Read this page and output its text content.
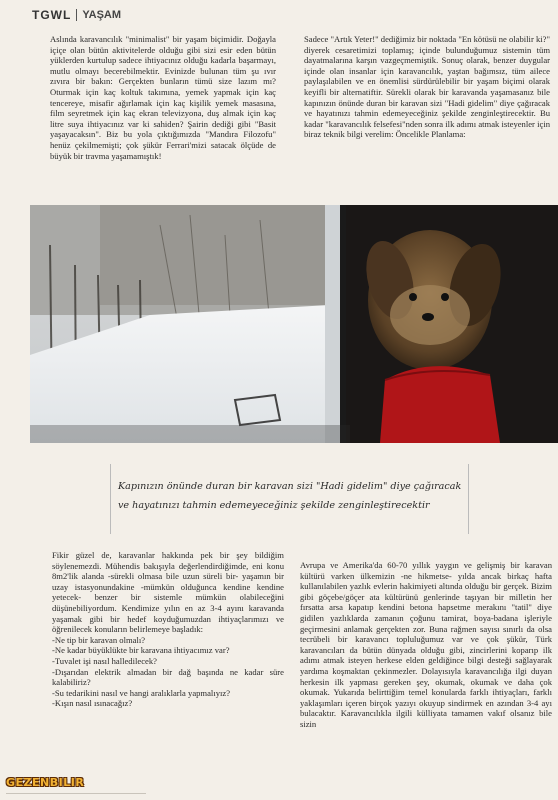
TGWL YAŞAM

Aslında karavancılık "minimalist" bir yaşam biçimidir. Doğayla içiçe olan bütün aktivitelerde olduğu gibi sizi esir eden bütün yüklerden kurtulup sadece ihtiyacınız olduğu kadarla başarmayı, mutlu olmayı becerebilmektir. Evinizde bulunan tüm şu ıvır zıvıra bir bakın: Gerçekten bunların tümü size lazım mı? Oturmak için kaç koltuk takımına, yemek yapmak için kaç tencereye, misafir ağırlamak için kaç kişilik yemek masasına, film seyretmek için kaç ekran televizyona, duş almak için kaç litre suya ihtiyacınız var ki sahiden? Şairin dediği gibi "Basit yaşayacaksın". Biz bu yola çıktığımızda "Mandıra Filozofu" henüz çekilmemişti; çok şükür Ferrari'mizi satacak ölçüde de büyük bir travma yaşamamıştık!

Sadece "Artık Yeter!" dediğimiz bir noktada "En kötüsü ne olabilir ki?" diyerek cesaretimizi toplamış; içinde bulunduğumuz sistemin tüm dayatmalarına karşın vazgeçmemiştik. Sonuç olarak, benzer duygular içinde olan insanlar için karavancılık, yaştan bağımsız, tüm ailece paylaşılabilen ve en önemlisi sürdürülebilir bir yaşam biçimi olarak keyifli bir alternatiftir. Sürekli olarak bir karavanda yaşamasanız bile kapınızın önünde duran bir karavan sizi "Hadi gidelim" diye çağıracak ve hayatınızı tahmin edemeyeceğiniz şekilde zenginleştirecektir. Bu kadar "karavancılık felsefesi"nden sonra ilk adımı atmak isteyenler için biraz teknik bilgi verelim: Öncelikle Planlama:

Kapınızın önünde duran bir karavan sizi "Hadi gidelim" diye çağıracak ve hayatınızı tahmin edemeyeceğiniz şekilde zenginleştirecektir

Fikir güzel de, karavanlar hakkında pek bir şey bildiğim söylenemezdi. Mühendis bakışıyla değerlendirdiğimde, eni konu 8m2'lik alanda -sürekli olmasa bile uzun süreli bir- yaşamın bir uzay istasyonundakine -mümkün olduğunca kendine kendine yetecek- benzer bir sistemle mümkün olabileceğini düşünebiliyordum. Kendimize yılın en az 3-4 ayını karavanda yaşamak gibi bir hedef koyduğumuzdan ihtiyaçlarımızı ve öğrenilecek konuların belirlemeye başladık:

-Ne tip bir karavan olmalı?

-Ne kadar büyüklükte bir karavana ihtiyacımız var?

-Tuvalet işi nasıl halledilecek?

-Dışarıdan elektrik almadan bir dağ başında ne kadar süre kalabiliriz?

-Su tedarikini nasıl ve hangi aralıklarla yapmalıyız?

-Kışın nasıl ısınacağız?

Avrupa ve Amerika'da 60-70 yıllık yaygın ve gelişmiş bir karavan kültürü varken ülkemizin -ne hikmetse- yılda ancak birkaç hafta kullanılabilen yazlık evlerin hakimiyeti altında olduğu bir gerçek. Bizim gibi göçebe/göçer ata kültürünü genlerinde taşıyan bir milletin her fırsatta arsa kapatıp kendini betona hapsetme merakını "tatil" diye gidilen yazlıklarda zamanın çoğunu tamirat, boya-badana işleriyle geçirmesini anlamak gerçekten zor. Buna rağmen sayısı sınırlı da olsa tecrübeli bir karavancı topluluğumuz var ve çok şükür, Türk karavancıları da bütün dünyada olduğu gibi, zincirlerini koparıp ilk adımı atmak isteyen herkese elden geldiğince bilgi desteği sağlayarak yardıma koşmaktan çekinmezler. Dolayısıyla karavancılığa ilgi duyan herkesin ilk yapması gereken şey, okumak, okumak ve daha çok okumak. Yukarıda belirttiğim temel konularda farklı ihtiyaçları, farklı yaklaşımları içeren birçok yazıyı okuyup sindirmek en azından 3-4 ayı bulacaktır. Karavancılıkla ilgili külliyata tamamen vakıf olsanız bile sizin

GEZENBILIR
